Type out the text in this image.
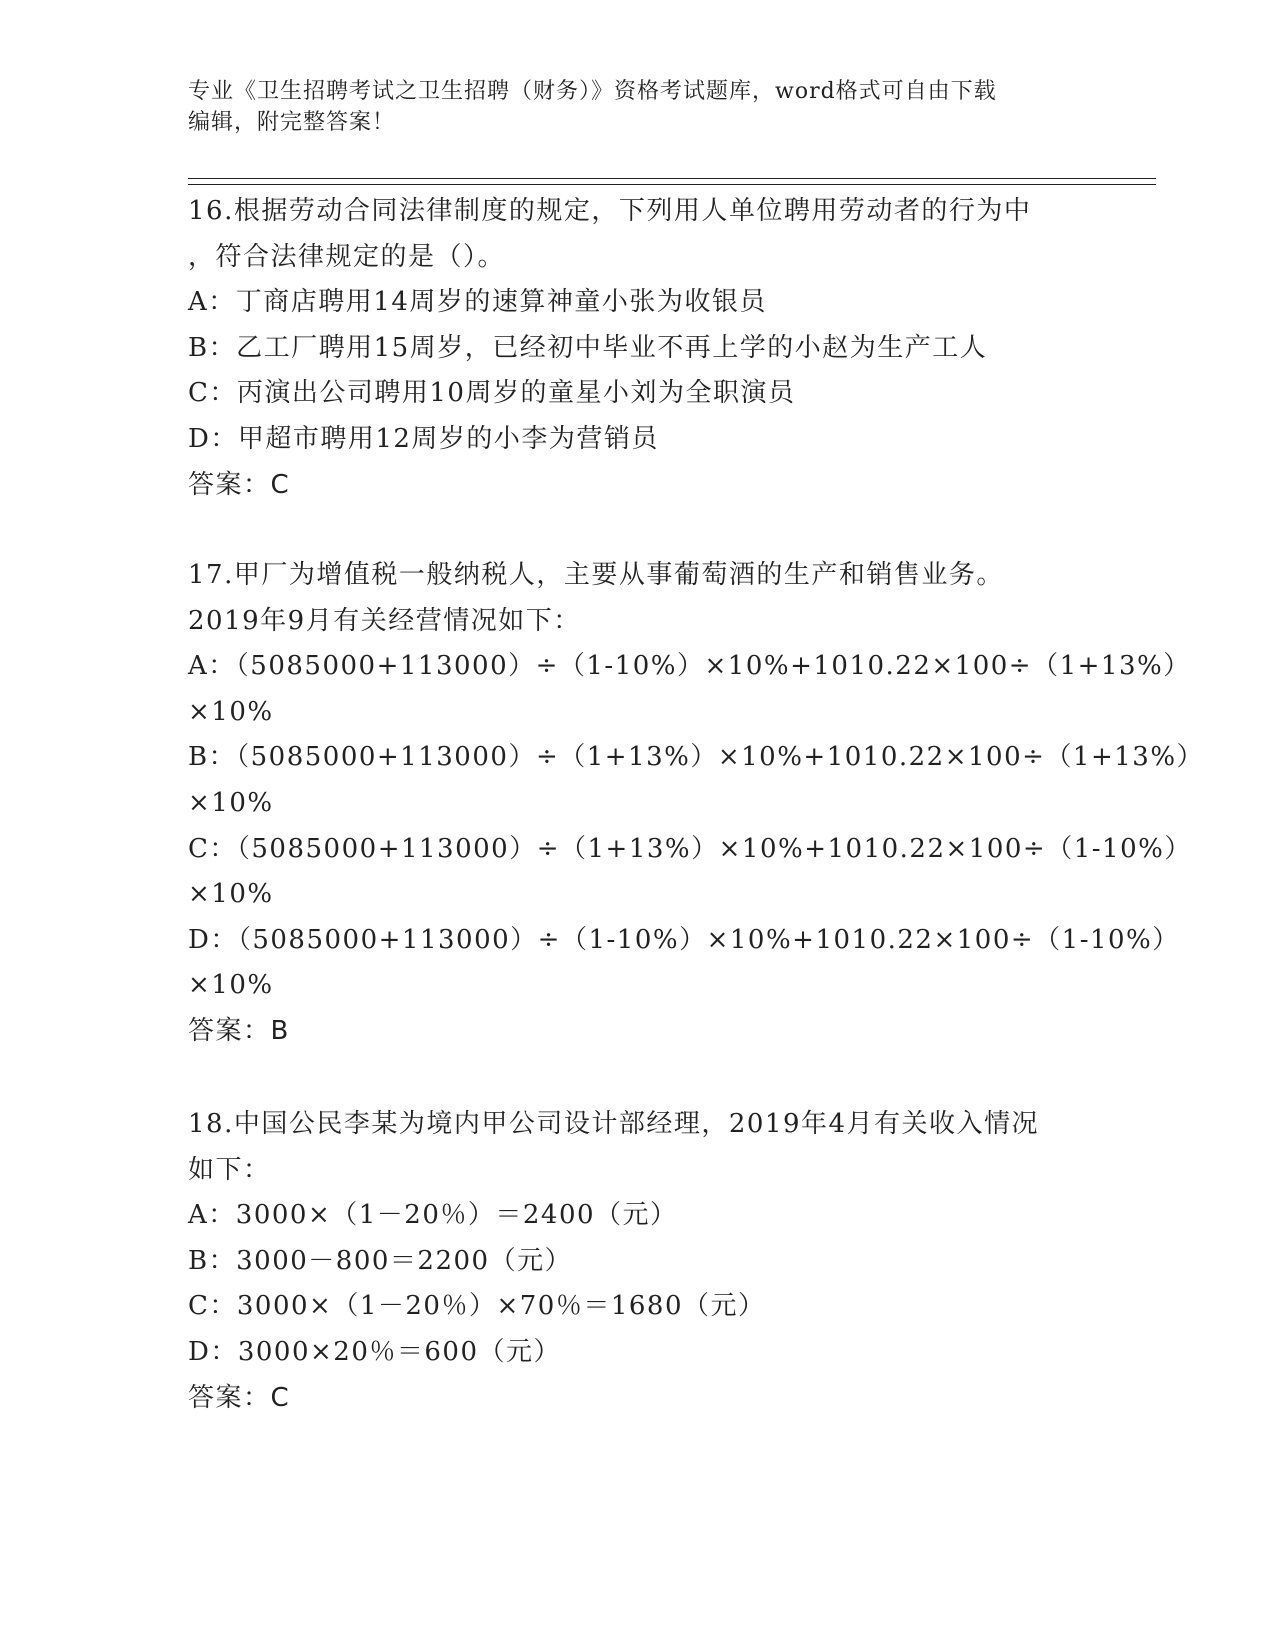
专业《卫生招聘考试之卫生招聘（财务）》资格考试题库，word格式可自由下载
编辑，附完整答案！
16.根据劳动合同法律制度的规定，下列用人单位聘用劳动者的行为中
，符合法律规定的是（）。
A：丁商店聘用14周岁的速算神童小张为收银员
B：乙工厂聘用15周岁，已经初中毕业不再上学的小赵为生产工人
C：丙演出公司聘用10周岁的童星小刘为全职演员
D：甲超市聘用12周岁的小李为营销员
答案：C
17.甲厂为增值税一般纳税人，主要从事葡萄酒的生产和销售业务。
2019年9月有关经营情况如下：
A：（5085000+113000）÷（1-10%）×10%+1010.22×100÷（1+13%）
×10%
B：（5085000+113000）÷（1+13%）×10%+1010.22×100÷（1+13%）
×10%
C：（5085000+113000）÷（1+13%）×10%+1010.22×100÷（1-10%）
×10%
D：（5085000+113000）÷（1-10%）×10%+1010.22×100÷（1-10%）
×10%
答案：B
18.中国公民李某为境内甲公司设计部经理，2019年4月有关收入情况
如下：
A：3000×（1－20％）＝2400（元）
B：3000－800＝2200（元）
C：3000×（1－20％）×70％＝1680（元）
D：3000×20％＝600（元）
答案：C
